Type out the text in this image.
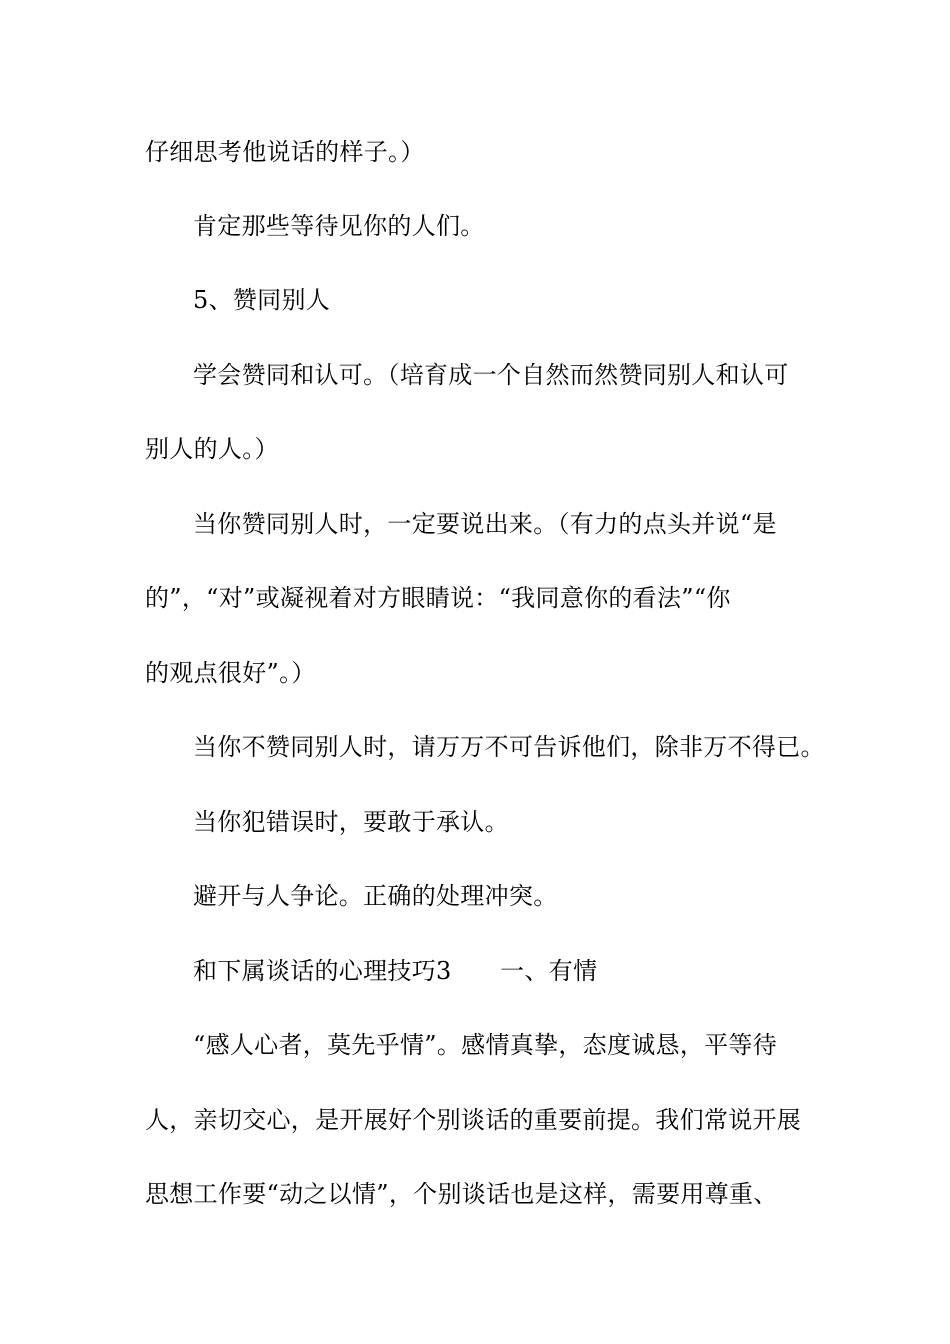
仔细思考他说话的样子。）
肯定那些等待见你的人们。
5、赞同别人
学会赞同和认可。（培育成一个自然而然赞同别人和认可
别人的人。）
当你赞同别人时，一定要说出来。（有力的点头并说“是
的”，“对”或凝视着对方眼睛说：“我同意你的看法”“你
的观点很好”。）
当你不赞同别人时，请万万不可告诉他们，除非万不得已。
当你犯错误时，要敢于承认。
避开与人争论。正确的处理冲突。
和下属谈话的心理技巧3　　一、有情
“感人心者，莫先乎情”。感情真挚，态度诚恳，平等待
人，亲切交心，是开展好个别谈话的重要前提。我们常说开展
思想工作要“动之以情”，个别谈话也是这样，需要用尊重、
